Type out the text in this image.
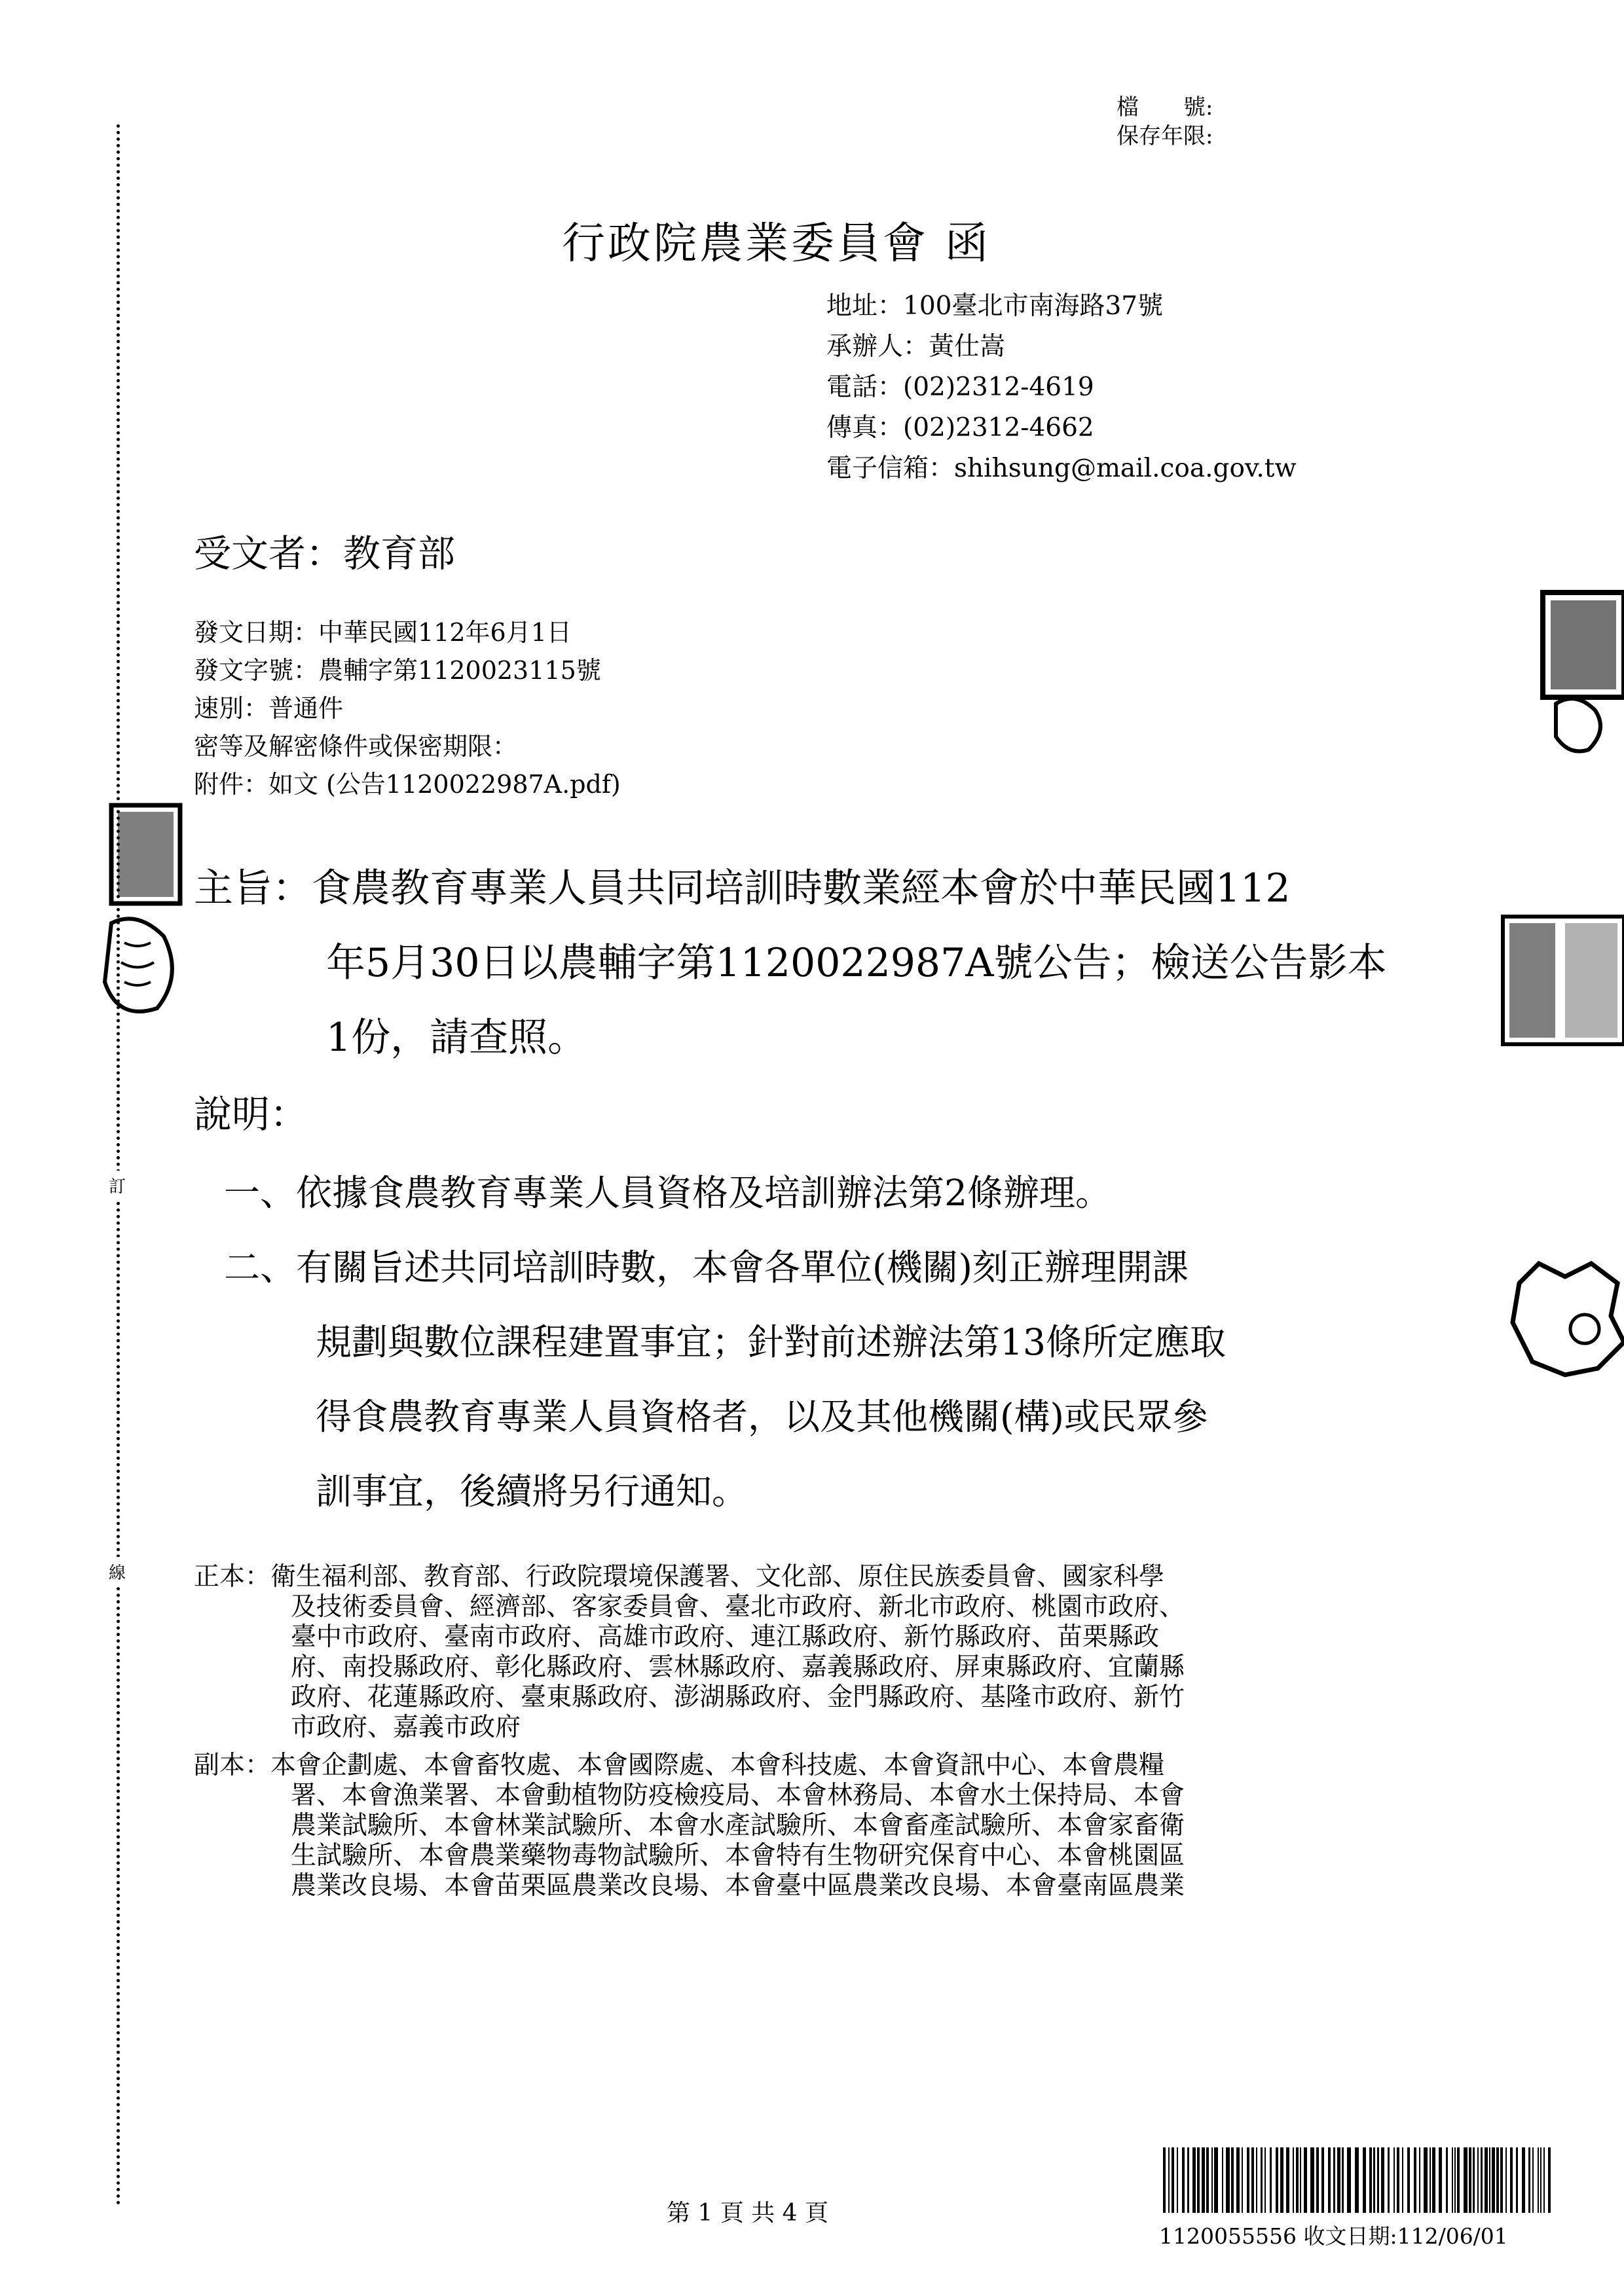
訂
線
檔　　號:
保存年限:
行政院農業委員會 函
地址：100臺北市南海路37號
承辦人：黃仕嵩
電話：(02)2312-4619
傳真：(02)2312-4662
電子信箱：shihsung@mail.coa.gov.tw
受文者：教育部
發文日期：中華民國112年6月1日
發文字號：農輔字第1120023115號
速別：普通件
密等及解密條件或保密期限：
附件：如文 (公告1120022987A.pdf)
主旨：食農教育專業人員共同培訓時數業經本會於中華民國112
年5月30日以農輔字第1120022987A號公告；檢送公告影本
1份，請查照。
說明：
一、依據食農教育專業人員資格及培訓辦法第2條辦理。
二、有關旨述共同培訓時數，本會各單位(機關)刻正辦理開課
規劃與數位課程建置事宜；針對前述辦法第13條所定應取
得食農教育專業人員資格者，以及其他機關(構)或民眾參
訓事宜，後續將另行通知。
正本：衛生福利部、教育部、行政院環境保護署、文化部、原住民族委員會、國家科學
及技術委員會、經濟部、客家委員會、臺北市政府、新北市政府、桃園市政府、
臺中市政府、臺南市政府、高雄市政府、連江縣政府、新竹縣政府、苗栗縣政
府、南投縣政府、彰化縣政府、雲林縣政府、嘉義縣政府、屏東縣政府、宜蘭縣
政府、花蓮縣政府、臺東縣政府、澎湖縣政府、金門縣政府、基隆市政府、新竹
市政府、嘉義市政府
副本：本會企劃處、本會畜牧處、本會國際處、本會科技處、本會資訊中心、本會農糧
署、本會漁業署、本會動植物防疫檢疫局、本會林務局、本會水土保持局、本會
農業試驗所、本會林業試驗所、本會水產試驗所、本會畜產試驗所、本會家畜衛
生試驗所、本會農業藥物毒物試驗所、本會特有生物研究保育中心、本會桃園區
農業改良場、本會苗栗區農業改良場、本會臺中區農業改良場、本會臺南區農業
第 1 頁 共 4 頁
1120055556 收文日期:112/06/01
